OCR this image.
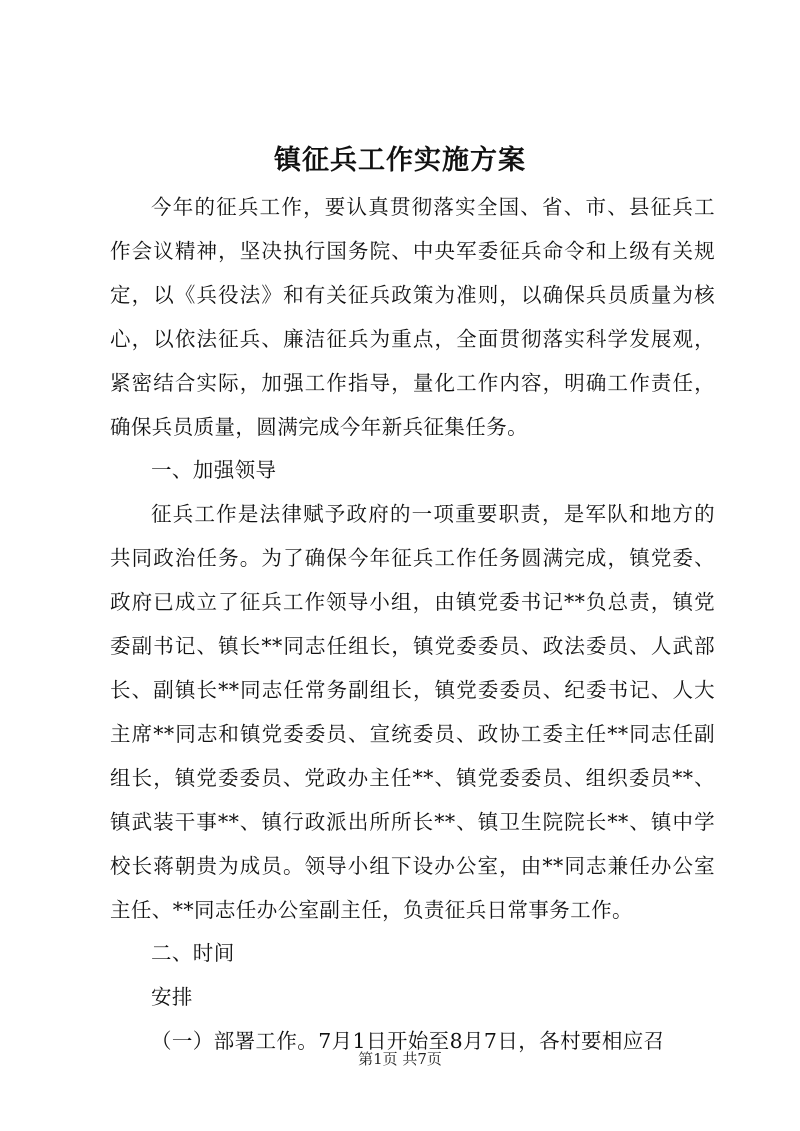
镇征兵工作实施方案

今年的征兵工作，要认真贯彻落实全国、省、市、县征兵工作会议精神，坚决执行国务院、中央军委征兵命令和上级有关规定，以《兵役法》和有关征兵政策为准则，以确保兵员质量为核心，以依法征兵、廉洁征兵为重点，全面贯彻落实科学发展观，紧密结合实际，加强工作指导，量化工作内容，明确工作责任，确保兵员质量，圆满完成今年新兵征集任务。

一、加强领导

征兵工作是法律赋予政府的一项重要职责，是军队和地方的共同政治任务。为了确保今年征兵工作任务圆满完成，镇党委、政府已成立了征兵工作领导小组，由镇党委书记**负总责，镇党委副书记、镇长**同志任组长，镇党委委员、政法委员、人武部长、副镇长**同志任常务副组长，镇党委委员、纪委书记、人大主席**同志和镇党委委员、宣统委员、政协工委主任**同志任副组长，镇党委委员、党政办主任**、镇党委委员、组织委员**、镇武装干事**、镇行政派出所所长**、镇卫生院院长**、镇中学校长蒋朝贵为成员。领导小组下设办公室，由**同志兼任办公室主任、**同志任办公室副主任，负责征兵日常事务工作。

二、时间

安排

（一）部署工作。7月1日开始至8月7日，各村要相应召

第1页 共7页
